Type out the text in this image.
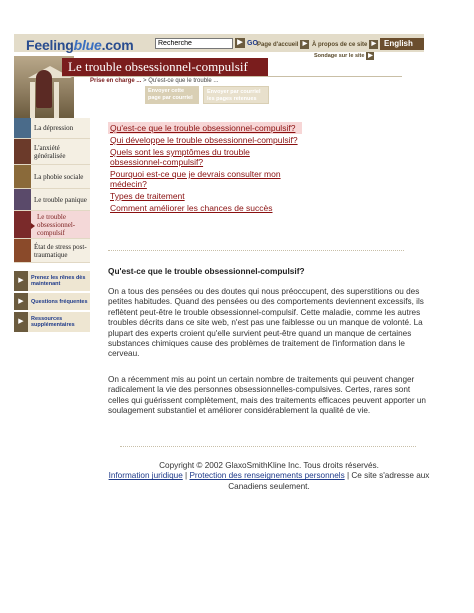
Feelingblue.com
Recherche	▶ GO Page d'accueil ▶ À propos de ce site ▶ English
Sondage sur le site ▶
Le trouble obsessionnel-compulsif
Prise en charge ... > Qu'est-ce que le trouble ...
Envoyer cette page par courriel
Envoyer par courriel les pages retenues
La dépression
L'anxiété généralisée
La phobie sociale
Le trouble panique
Le trouble obsessionnel-compulsif
État de stress post-traumatique
▶	Prenez les rênes dès maintenant
▶	Questions fréquentes
▶	Ressources supplémentaires
Qu'est-ce que le trouble obsessionnel-compulsif?
Qui développe le trouble obsessionnel-compulsif?
Quels sont les symptômes du trouble obsessionnel-compulsif?
Pourquoi est-ce que je devrais consulter mon médecin?
Types de traitement
Comment améliorer les chances de succès
Qu'est-ce que le trouble obsessionnel-compulsif?
On a tous des pensées ou des doutes qui nous préoccupent, des superstitions ou des petites habitudes. Quand des pensées ou des comportements deviennent excessifs, ils reflètent peut-être le trouble obsessionnel-compulsif. Cette maladie, comme les autres troubles décrits dans ce site web, n'est pas une faiblesse ou un manque de volonté. La plupart des experts croient qu'elle survient peut-être quand un manque de certaines substances chimiques cause des problèmes de traitement de l'information dans le cerveau.
On a récemment mis au point un certain nombre de traitements qui peuvent changer radicalement la vie des personnes obsessionnelles-compulsives. Certes, rares sont celles qui guérissent complètement, mais des traitements efficaces peuvent apporter un soulagement substantiel et améliorer considérablement la qualité de vie.
Copyright © 2002 GlaxoSmithKline Inc. Tous droits réservés.
Information juridique | Protection des renseignements personnels | Ce site s'adresse aux Canadiens seulement.
